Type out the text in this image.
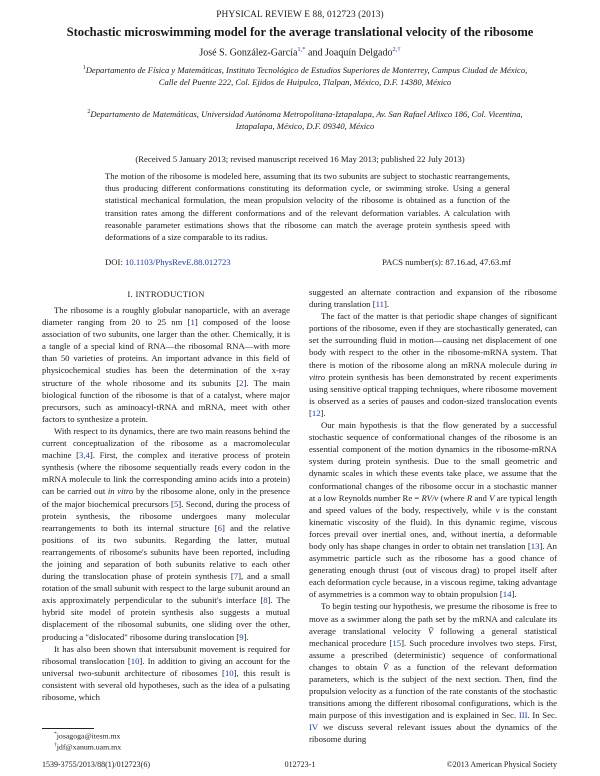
PHYSICAL REVIEW E 88, 012723 (2013)
Stochastic microswimming model for the average translational velocity of the ribosome
José S. González-García$^{1,*}$ and Joaquín Delgado$^{2,\dagger}$
$^1$Departamento de Física y Matemáticas, Instituto Tecnológico de Estudios Superiores de Monterrey, Campus Ciudad de México,
Calle del Puente 222, Col. Ejidos de Huipulco, Tlalpan, México, D.F. 14380, México
$^2$Departamento de Matemáticas, Universidad Autónoma Metropolitana-Iztapalapa, Av. San Rafael Atlixco 186, Col. Vicentina,
Iztapalapa, México, D.F. 09340, México
(Received 5 January 2013; revised manuscript received 16 May 2013; published 22 July 2013)
The motion of the ribosome is modeled here, assuming that its two subunits are subject to stochastic rearrangements, thus producing different conformations constituting its deformation cycle, or swimming stroke. Using a general statistical mechanical formulation, the mean propulsion velocity of the ribosome is obtained as a function of the transition rates among the different conformations and of the relevant deformation variables. A calculation with reasonable parameter estimations shows that the ribosome can match the average protein synthesis speed with deformations of a size comparable to its radius.
DOI: 10.1103/PhysRevE.88.012723	PACS number(s): 87.16.ad, 47.63.mf
I. INTRODUCTION

The ribosome is a roughly globular nanoparticle, with an average diameter ranging from 20 to 25 nm [1] composed of the loose association of two subunits, one larger than the other. Chemically, it is a tangle of a special kind of RNA—the ribosomal RNA—with more than 50 varieties of proteins. An important advance in this field of physicochemical studies has been the determination of the x-ray structure of the whole ribosome and its subunits [2]. The main biological function of the ribosome is that of a catalyst, where major precursors, such as aminoacyl-tRNA and mRNA, meet with other factors to synthesize a protein.

With respect to its dynamics, there are two main reasons behind the current conceptualization of the ribosome as a macromolecular machine [3,4]. First, the complex and iterative process of protein synthesis (where the ribosome sequentially reads every codon in the mRNA molecule to link the corresponding amino acids into a protein) can be carried out in vitro by the ribosome alone, only in the presence of the major biochemical precursors [5]. Second, during the process of protein synthesis, the ribosome undergoes many molecular rearrangements to both its internal structure [6] and the relative positions of its two subunits. Regarding the latter, mutual rearrangements of ribosome's subunits have been reported, including the joining and separation of both subunits relative to each other during the translocation phase of protein synthesis [7], and a small rotation of the small subunit with respect to the large subunit around an axis approximately perpendicular to the subunit's interface [8]. The hybrid site model of protein synthesis also suggests a mutual displacement of the ribosomal subunits, one sliding over the other, producing a "dislocated" ribosome during translocation [9].

It has also been shown that intersubunit movement is required for ribosomal translocation [10]. In addition to giving an account for the universal two-subunit architecture of ribosomes [10], this result is consistent with several old hypotheses, such as the idea of a pulsating ribosome, which

suggested an alternate contraction and expansion of the ribosome during translation [11].

The fact of the matter is that periodic shape changes of significant portions of the ribosome, even if they are stochastically generated, can set the surrounding fluid in motion—causing net displacement of one body with respect to the other in the ribosome-mRNA system. That there is motion of the ribosome along an mRNA molecule during in vitro protein synthesis has been demonstrated by recent experiments using sensitive optical trapping techniques, where ribosome movement is observed as a series of pauses and codon-sized translocation events [12].

Our main hypothesis is that the flow generated by a successful stochastic sequence of conformational changes of the ribosome is an essential component of the motion dynamics in the ribosome-mRNA system during protein synthesis. Due to the small geometric and dynamic scales in which these events take place, we assume that the conformational changes of the ribosome occur in a stochastic manner at a low Reynolds number Re = RV/ν (where R and V are typical length and speed values of the body, respectively, while ν is the constant kinematic viscosity of the fluid). In this dynamic regime, viscous forces prevail over inertial ones, and, without inertia, a deformable body only has shape changes in order to obtain net translation [13]. An asymmetric particle such as the ribosome has a good chance of generating enough thrust (out of viscous drag) to propel itself after each deformation cycle because, in a viscous regime, taking advantage of asymmetries is a common way to obtain propulsion [14].

To begin testing our hypothesis, we presume the ribosome is free to move as a swimmer along the path set by the mRNA and calculate its average translational velocity V̄ following a general statistical mechanical procedure [15]. Such procedure involves two steps. First, assume a prescribed (deterministic) sequence of conformational changes to obtain V̄ as a function of the relevant deformation parameters, which is the subject of the next section. Then, find the propulsion velocity as a function of the rate constants of the stochastic transitions among the different ribosomal configurations, which is the main purpose of this investigation and is explained in Sec. III. In Sec. IV we discuss several relevant issues about the dynamics of the ribosome during

*josagoga@itesm.mx
†jdf@xanum.uam.mx
1539-3755/2013/88(1)/012723(6)	012723-1	©2013 American Physical Society
